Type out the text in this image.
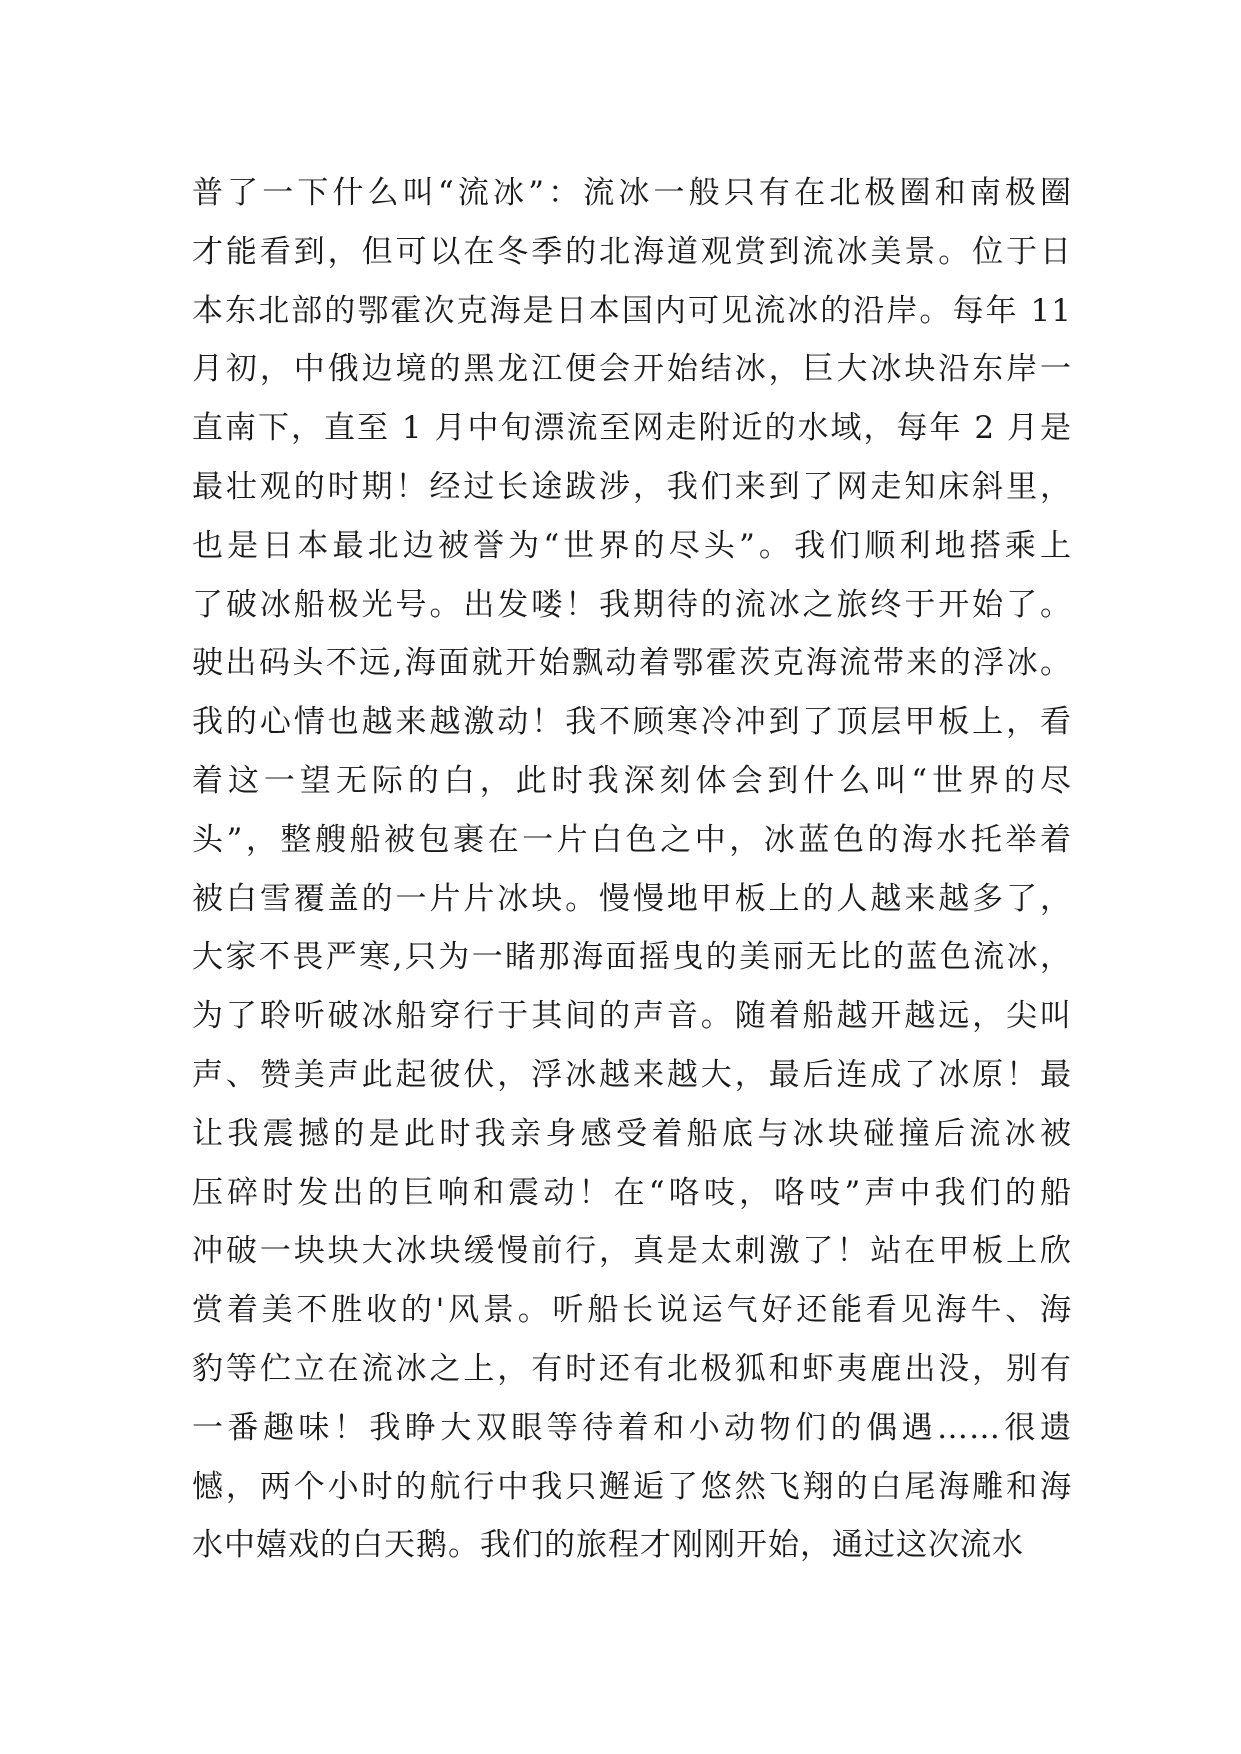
普了一下什么叫“流冰”：流冰一般只有在北极圈和南极圈
才能看到，但可以在冬季的北海道观赏到流冰美景。位于日
本东北部的鄂霍次克海是日本国内可见流冰的沿岸。每年 11
月初，中俄边境的黑龙江便会开始结冰，巨大冰块沿东岸一
直南下，直至 1 月中旬漂流至网走附近的水域，每年 2 月是
最壮观的时期！经过长途跋涉，我们来到了网走知床斜里，
也是日本最北边被誉为“世界的尽头”。我们顺利地搭乘上
了破冰船极光号。出发喽！我期待的流冰之旅终于开始了。
驶出码头不远,海面就开始飘动着鄂霍茨克海流带来的浮冰。
我的心情也越来越激动！我不顾寒冷冲到了顶层甲板上，看
着这一望无际的白，此时我深刻体会到什么叫“世界的尽
头”，整艘船被包裹在一片白色之中，冰蓝色的海水托举着
被白雪覆盖的一片片冰块。慢慢地甲板上的人越来越多了，
大家不畏严寒,只为一睹那海面摇曳的美丽无比的蓝色流冰，
为了聆听破冰船穿行于其间的声音。随着船越开越远，尖叫
声、赞美声此起彼伏，浮冰越来越大，最后连成了冰原！最
让我震撼的是此时我亲身感受着船底与冰块碰撞后流冰被
压碎时发出的巨响和震动！在“咯吱，咯吱”声中我们的船
冲破一块块大冰块缓慢前行，真是太刺激了！站在甲板上欣
赏着美不胜收的'风景。听船长说运气好还能看见海牛、海
豹等伫立在流冰之上，有时还有北极狐和虾夷鹿出没，别有
一番趣味！我睁大双眼等待着和小动物们的偶遇……很遗
憾，两个小时的航行中我只邂逅了悠然飞翔的白尾海雕和海
水中嬉戏的白天鹅。我们的旅程才刚刚开始，通过这次流水
